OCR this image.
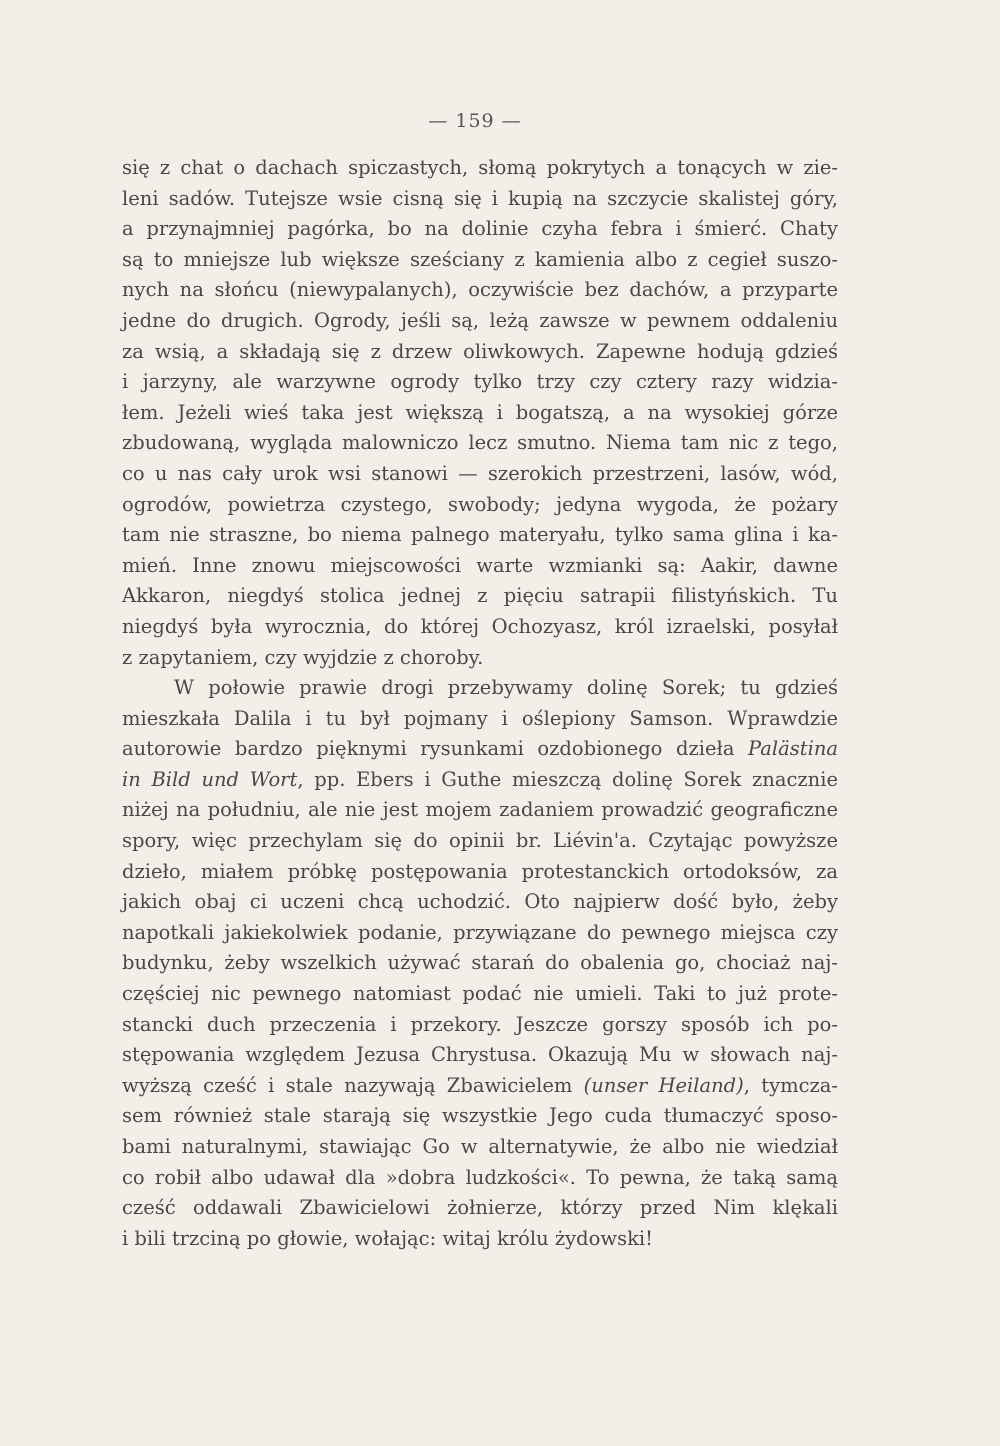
— 159 —
się z chat o dachach spiczastych, słomą pokrytych a tonących w zie-
leni sadów. Tutejsze wsie cisną się i kupią na szczycie skalistej góry,
a przynajmniej pagórka, bo na dolinie czyha febra i śmierć. Chaty
są to mniejsze lub większe sześciany z kamienia albo z cegieł suszo-
nych na słońcu (niewypalanych), oczywiście bez dachów, a przyparte
jedne do drugich. Ogrody, jeśli są, leżą zawsze w pewnem oddaleniu
za wsią, a składają się z drzew oliwkowych. Zapewne hodują gdzieś
i jarzyny, ale warzywne ogrody tylko trzy czy cztery razy widzia-
łem. Jeżeli wieś taka jest większą i bogatszą, a na wysokiej górze
zbudowaną, wygląda malowniczo lecz smutno. Niema tam nic z tego,
co u nas cały urok wsi stanowi — szerokich przestrzeni, lasów, wód,
ogrodów, powietrza czystego, swobody; jedyna wygoda, że pożary
tam nie straszne, bo niema palnego materyału, tylko sama glina i ka-
mień. Inne znowu miejscowości warte wzmianki są: Aakir, dawne
Akkaron, niegdyś stolica jednej z pięciu satrapii filistyńskich. Tu
niegdyś była wyrocznia, do której Ochozyasz, król izraelski, posyłał
z zapytaniem, czy wyjdzie z choroby.
W połowie prawie drogi przebywamy dolinę Sorek; tu gdzieś
mieszkała Dalila i tu był pojmany i oślepiony Samson. Wprawdzie
autorowie bardzo pięknymi rysunkami ozdobionego dzieła Palästina
in Bild und Wort, pp. Ebers i Guthe mieszczą dolinę Sorek znacznie
niżej na południu, ale nie jest mojem zadaniem prowadzić geograficzne
spory, więc przechylam się do opinii br. Liévin'a. Czytając powyższe
dzieło, miałem próbkę postępowania protestanckich ortodoksów, za
jakich obaj ci uczeni chcą uchodzić. Oto najpierw dość było, żeby
napotkali jakiekolwiek podanie, przywiązane do pewnego miejsca czy
budynku, żeby wszelkich używać starań do obalenia go, chociaż naj-
częściej nic pewnego natomiast podać nie umieli. Taki to już prote-
stancki duch przeczenia i przekory. Jeszcze gorszy sposób ich po-
stępowania względem Jezusa Chrystusa. Okazują Mu w słowach naj-
wyższą cześć i stale nazywają Zbawicielem (unser Heiland), tymcza-
sem również stale starają się wszystkie Jego cuda tłumaczyć sposo-
bami naturalnymi, stawiając Go w alternatywie, że albo nie wiedział
co robił albo udawał dla »dobra ludzkości«. To pewna, że taką samą
cześć oddawali Zbawicielowi żołnierze, którzy przed Nim klękali
i bili trzciną po głowie, wołając: witaj królu żydowski!
